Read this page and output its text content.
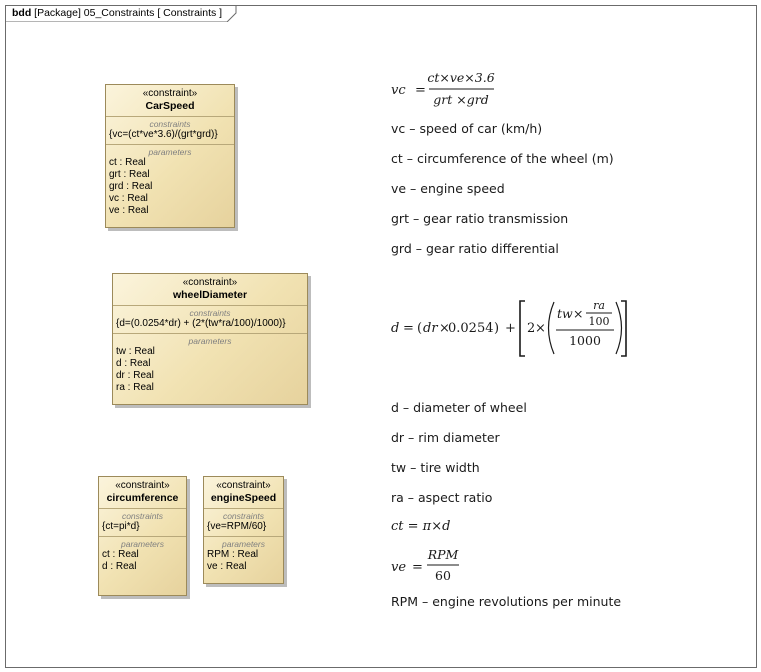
bdd [Package] 05_Constraints [ Constraints ]
«constraint»
CarSpeed
constraints
{vc=(ct*ve*3.6)/(grt*grd)}
parameters
ct : Real
grt : Real
grd : Real
vc : Real
ve : Real
«constraint»
wheelDiameter
constraints
{d=(0.0254*dr) + (2*(tw*ra/100)/1000)}
parameters
tw : Real
d : Real
dr : Real
ra : Real
«constraint»
circumference
constraints
{ct=pi*d}
parameters
ct : Real
d : Real
«constraint»
engineSpeed
constraints
{ve=RPM/60}
parameters
RPM : Real
ve : Real
vc =
ct×ve×3.6
grt ×grd
vc – speed of car (km/h)
ct – circumference of the wheel (m)
ve – engine speed
grt – gear ratio transmission
grd – gear ratio differential
d = ( dr ×
0.0254 ) + 2 ×
tw ×
ra
100
1000
d – diameter of wheel
dr – rim diameter
tw – tire width
ra – aspect ratio
ct = π×d
ve =
RPM
60
RPM – engine revolutions per minute
